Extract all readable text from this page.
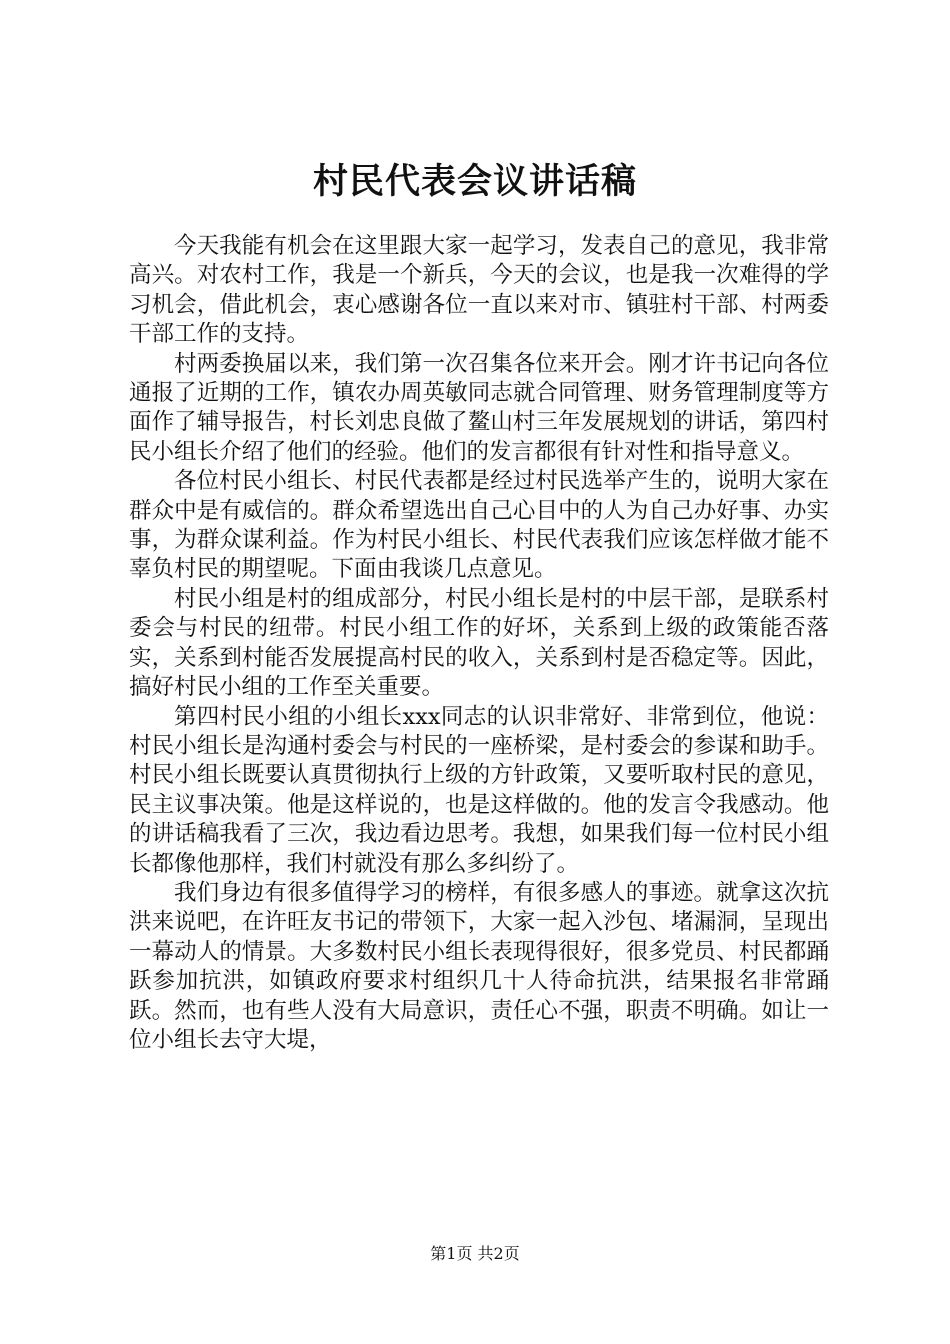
村民代表会议讲话稿

今天我能有机会在这里跟大家一起学习，发表自己的意见，我非常高兴。对农村工作，我是一个新兵，今天的会议，也是我一次难得的学习机会，借此机会，衷心感谢各位一直以来对市、镇驻村干部、村两委干部工作的支持。

村两委换届以来，我们第一次召集各位来开会。刚才许书记向各位通报了近期的工作，镇农办周英敏同志就合同管理、财务管理制度等方面作了辅导报告，村长刘忠良做了鳌山村三年发展规划的讲话，第四村民小组长介绍了他们的经验。他们的发言都很有针对性和指导意义。

各位村民小组长、村民代表都是经过村民选举产生的，说明大家在群众中是有威信的。群众希望选出自己心目中的人为自己办好事、办实事，为群众谋利益。作为村民小组长、村民代表我们应该怎样做才能不辜负村民的期望呢。下面由我谈几点意见。

村民小组是村的组成部分，村民小组长是村的中层干部，是联系村委会与村民的纽带。村民小组工作的好坏，关系到上级的政策能否落实，关系到村能否发展提高村民的收入，关系到村是否稳定等。因此，搞好村民小组的工作至关重要。

第四村民小组的小组长xxx同志的认识非常好、非常到位，他说：村民小组长是沟通村委会与村民的一座桥梁，是村委会的参谋和助手。村民小组长既要认真贯彻执行上级的方针政策，又要听取村民的意见，民主议事决策。他是这样说的，也是这样做的。他的发言令我感动。他的讲话稿我看了三次，我边看边思考。我想，如果我们每一位村民小组长都像他那样，我们村就没有那么多纠纷了。

我们身边有很多值得学习的榜样，有很多感人的事迹。就拿这次抗洪来说吧，在许旺友书记的带领下，大家一起入沙包、堵漏洞，呈现出一幕动人的情景。大多数村民小组长表现得很好，很多党员、村民都踊跃参加抗洪，如镇政府要求村组织几十人待命抗洪，结果报名非常踊跃。然而，也有些人没有大局意识，责任心不强，职责不明确。如让一位小组长去守大堤，

第1页 共2页
